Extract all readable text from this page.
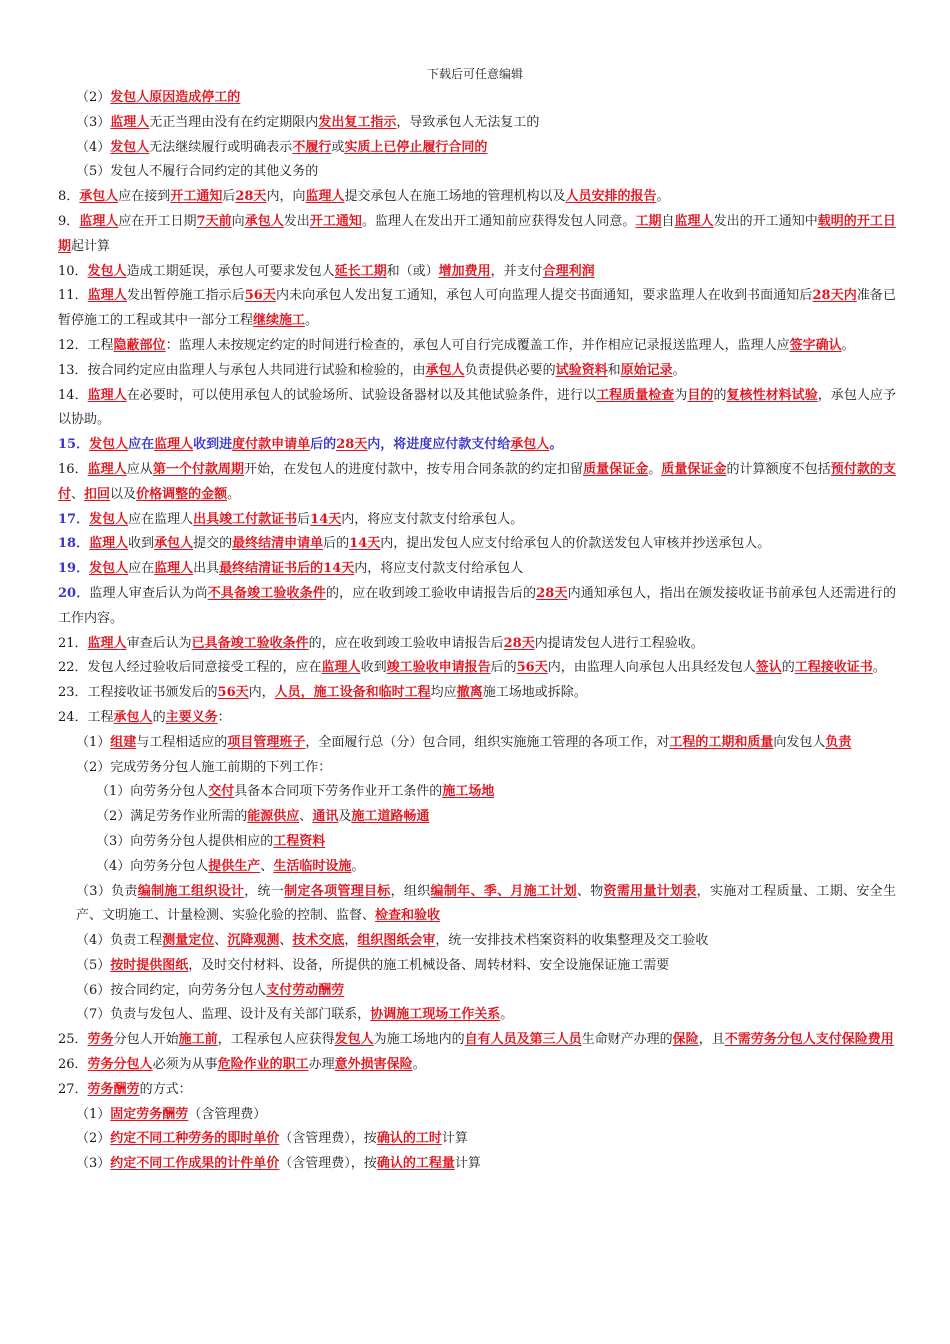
下载后可任意编辑

（2）发包人原因造成停工的

（3）监理人无正当理由没有在约定期限内发出复工指示，导致承包人无法复工的

（4）发包人无法继续履行或明确表示不履行或实质上已停止履行合同的

（5）发包人不履行合同约定的其他义务的

8．承包人应在接到开工通知后28天内，向监理人提交承包人在施工场地的管理机构以及人员安排的报告。

9．监理人应在开工日期7天前向承包人发出开工通知。监理人在发出开工通知前应获得发包人同意。工期自监理人发出的开工通知中载明的开工日期起计算

10．发包人造成工期延误，承包人可要求发包人延长工期和（或）增加费用，并支付合理利润

11．监理人发出暂停施工指示后56天内未向承包人发出复工通知，承包人可向监理人提交书面通知，要求监理人在收到书面通知后28天内准备已暂停施工的工程或其中一部分工程继续施工。

12．工程隐蔽部位：监理人未按规定约定的时间进行检查的，承包人可自行完成覆盖工作，并作相应记录报送监理人，监理人应签字确认。

13．按合同约定应由监理人与承包人共同进行试验和检验的，由承包人负责提供必要的试验资料和原始记录。

14．监理人在必要时，可以使用承包人的试验场所、试验设备器材以及其他试验条件，进行以工程质量检查为目的的复核性材料试验，承包人应予以协助。

15．发包人应在监理人收到进度付款申请单后的28天内，将进度应付款支付给承包人。

16．监理人应从第一个付款周期开始，在发包人的进度付款中，按专用合同条款的约定扣留质量保证金。质量保证金的计算额度不包括预付款的支付、扣回以及价格调整的金额。

17．发包人应在监理人出具竣工付款证书后14天内，将应支付款支付给承包人。

18．监理人收到承包人提交的最终结清申请单后的14天内，提出发包人应支付给承包人的价款送发包人审核并抄送承包人。

19．发包人应在监理人出具最终结清证书后的14天内，将应支付款支付给承包人

20．监理人审查后认为尚不具备竣工验收条件的，应在收到竣工验收申请报告后的28天内通知承包人，指出在颁发接收证书前承包人还需进行的工作内容。

21．监理人审查后认为已具备竣工验收条件的，应在收到竣工验收申请报告后28天内提请发包人进行工程验收。

22．发包人经过验收后同意接受工程的，应在监理人收到竣工验收申请报告后的56天内，由监理人向承包人出具经发包人签认的工程接收证书。

23．工程接收证书颁发后的56天内，人员，施工设备和临时工程均应撤离施工场地或拆除。

24．工程承包人的主要义务：

（1）组建与工程相适应的项目管理班子，全面履行总（分）包合同，组织实施施工管理的各项工作，对工程的工期和质量向发包人负责

（2）完成劳务分包人施工前期的下列工作：

（1）向劳务分包人交付具备本合同项下劳务作业开工条件的施工场地

（2）满足劳务作业所需的能源供应、通讯及施工道路畅通

（3）向劳务分包人提供相应的工程资料

（4）向劳务分包人提供生产、生活临时设施。

（3）负责编制施工组织设计，统一制定各项管理目标，组织编制年、季、月施工计划、物资需用量计划表，实施对工程质量、工期、安全生产、文明施工、计量检测、实验化验的控制、监督、检查和验收

（4）负责工程测量定位、沉降观测、技术交底，组织图纸会审，统一安排技术档案资料的收集整理及交工验收

（5）按时提供图纸，及时交付材料、设备，所提供的施工机械设备、周转材料、安全设施保证施工需要

（6）按合同约定，向劳务分包人支付劳动酬劳

（7）负责与发包人、监理、设计及有关部门联系，协调施工现场工作关系。

25．劳务分包人开始施工前，工程承包人应获得发包人为施工场地内的自有人员及第三人员生命财产办理的保险，且不需劳务分包人支付保险费用

26．劳务分包人必须为从事危险作业的职工办理意外损害保险。

27．劳务酬劳的方式：

（1）固定劳务酬劳（含管理费）

（2）约定不同工种劳务的即时单价（含管理费），按确认的工时计算

（3）约定不同工作成果的计件单价（含管理费），按确认的工程量计算
